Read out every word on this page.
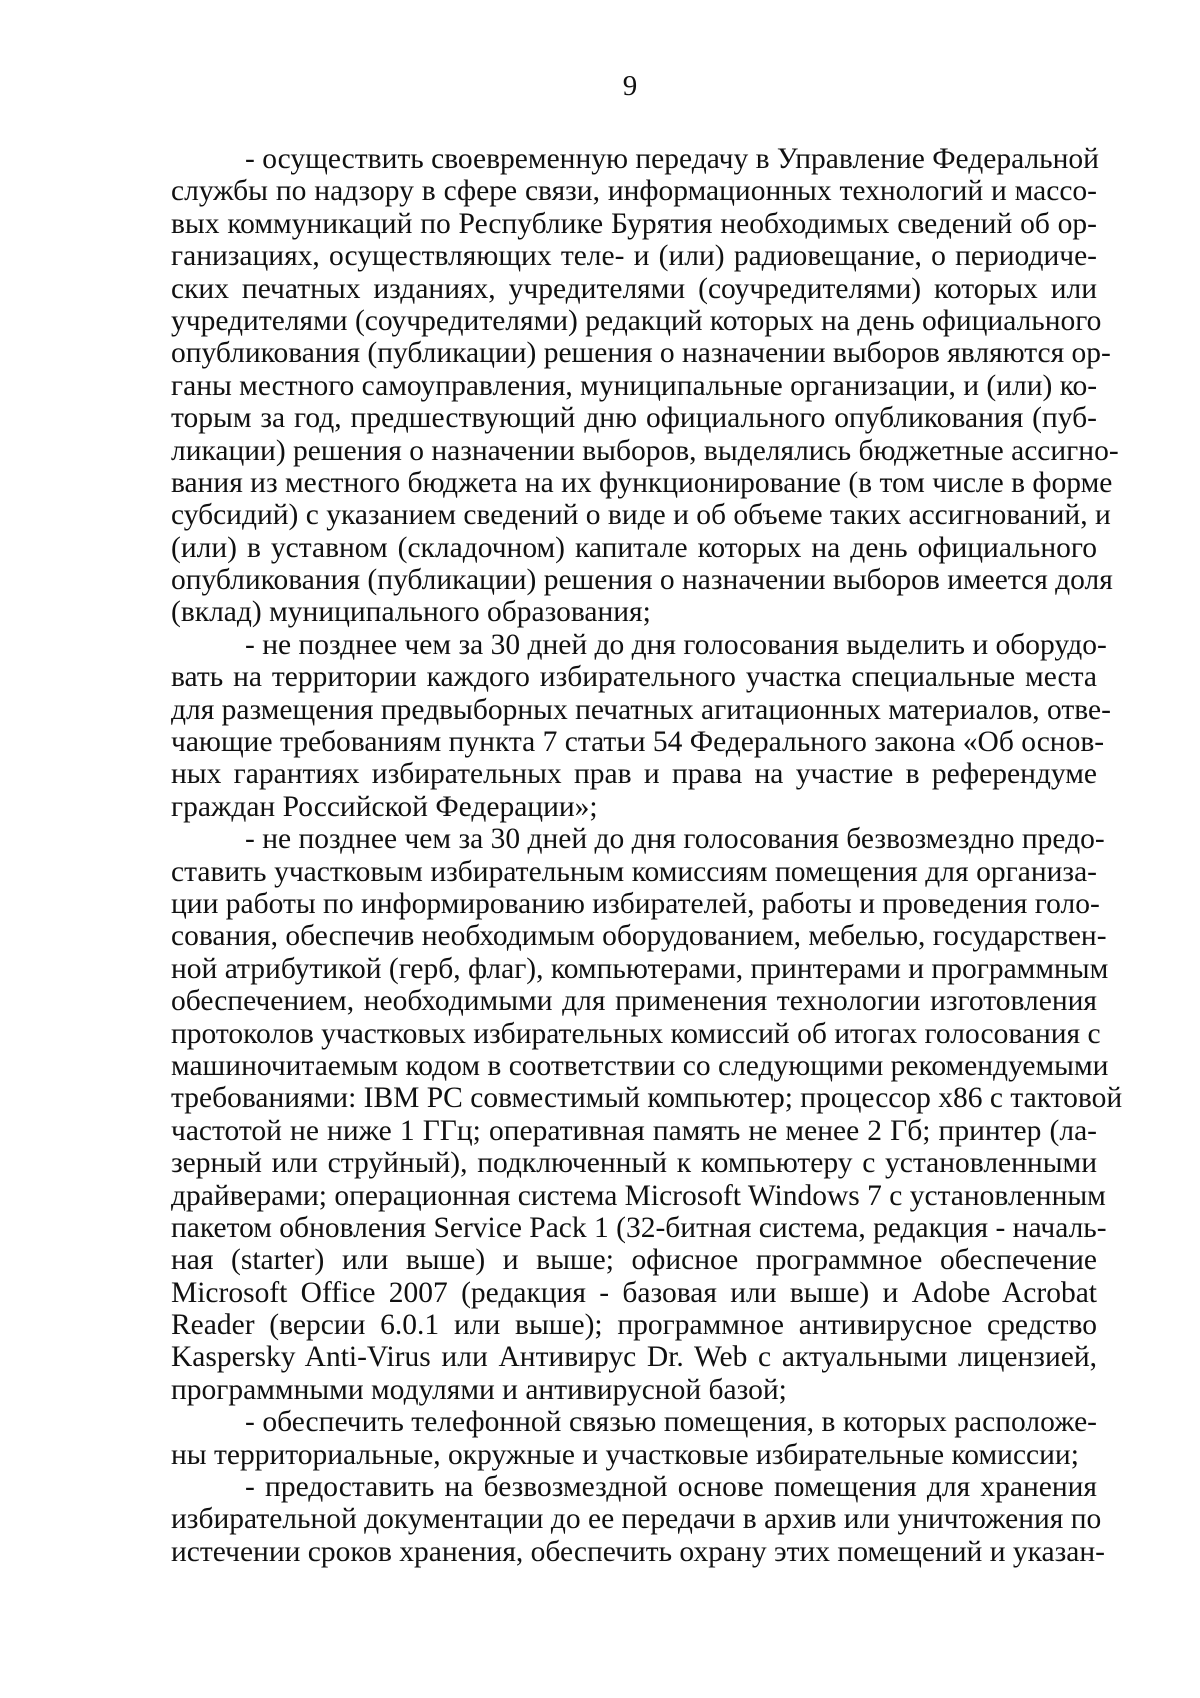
9
- осуществить своевременную передачу в Управление Федеральной
службы по надзору в сфере связи, информационных технологий и массо-
вых коммуникаций по Республике Бурятия необходимых сведений об ор-
ганизациях, осуществляющих теле- и (или) радиовещание, о периодиче-
ских печатных изданиях, учредителями (соучредителями) которых или
учредителями (соучредителями) редакций которых на день официального
опубликования (публикации) решения о назначении выборов являются ор-
ганы местного самоуправления, муниципальные организации, и (или) ко-
торым за год, предшествующий дню официального опубликования (пуб-
ликации) решения о назначении выборов, выделялись бюджетные ассигно-
вания из местного бюджета на их функционирование (в том числе в форме
субсидий) с указанием сведений о виде и об объеме таких ассигнований, и
(или) в уставном (складочном) капитале которых на день официального
опубликования (публикации) решения о назначении выборов имеется доля
(вклад) муниципального образования;
- не позднее чем за 30 дней до дня голосования выделить и оборудо-
вать на территории каждого избирательного участка специальные места
для размещения предвыборных печатных агитационных материалов, отве-
чающие требованиям пункта 7 статьи 54 Федерального закона «Об основ-
ных гарантиях избирательных прав и права на участие в референдуме
граждан Российской Федерации»;
- не позднее чем за 30 дней до дня голосования безвозмездно предо-
ставить участковым избирательным комиссиям помещения для организа-
ции работы по информированию избирателей, работы и проведения голо-
сования, обеспечив необходимым оборудованием, мебелью, государствен-
ной атрибутикой (герб, флаг), компьютерами, принтерами и программным
обеспечением, необходимыми для применения технологии изготовления
протоколов участковых избирательных комиссий об итогах голосования с
машиночитаемым кодом в соответствии со следующими рекомендуемыми
требованиями: IBM PC совместимый компьютер; процессор х86 с тактовой
частотой не ниже 1 ГГц; оперативная память не менее 2 Гб; принтер (ла-
зерный или струйный), подключенный к компьютеру с установленными
драйверами; операционная система Microsoft Windows 7 с установленным
пакетом обновления Service Pack 1 (32-битная система, редакция - началь-
ная (starter) или выше) и выше; офисное программное обеспечение
Microsoft Office 2007 (редакция - базовая или выше) и Adobe Acrobat
Reader (версии 6.0.1 или выше); программное антивирусное средство
Kaspersky Anti-Virus или Антивирус Dr. Web с актуальными лицензией,
программными модулями и антивирусной базой;
- обеспечить телефонной связью помещения, в которых расположе-
ны территориальные, окружные и участковые избирательные комиссии;
- предоставить на безвозмездной основе помещения для хранения
избирательной документации до ее передачи в архив или уничтожения по
истечении сроков хранения, обеспечить охрану этих помещений и указан-
